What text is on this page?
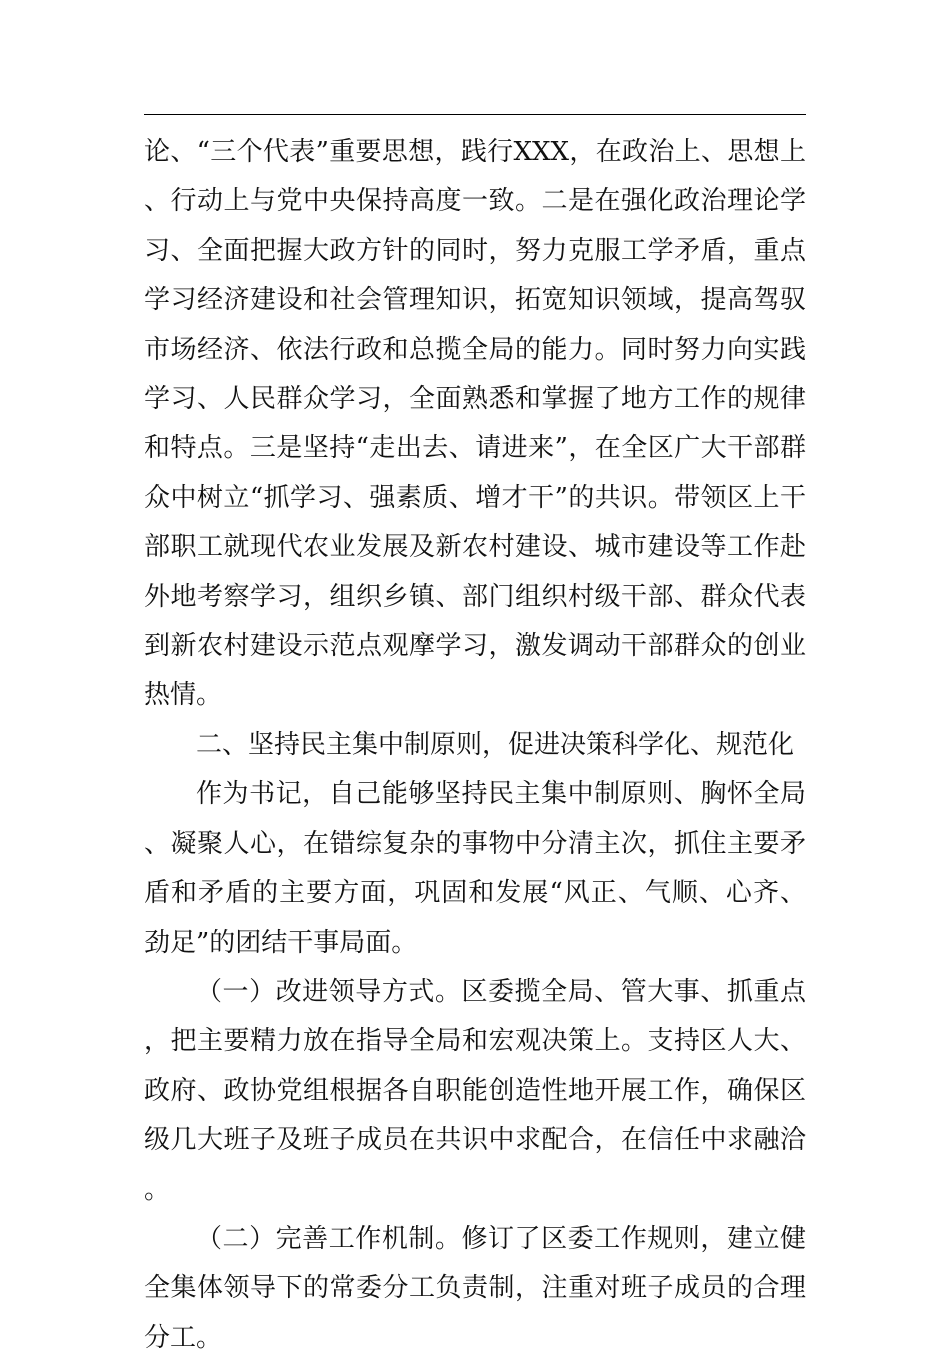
论、“三个代表”重要思想，践行XXX，在政治上、思想上、行动上与党中央保持高度一致。二是在强化政治理论学习、全面把握大政方针的同时，努力克服工学矛盾，重点学习经济建设和社会管理知识，拓宽知识领域，提高驾驭市场经济、依法行政和总揽全局的能力。同时努力向实践学习、人民群众学习，全面熟悉和掌握了地方工作的规律和特点。三是坚持“走出去、请进来”，在全区广大干部群众中树立“抓学习、强素质、增才干”的共识。带领区上干部职工就现代农业发展及新农村建设、城市建设等工作赴外地考察学习，组织乡镇、部门组织村级干部、群众代表到新农村建设示范点观摩学习，激发调动干部群众的创业热情。

二、坚持民主集中制原则，促进决策科学化、规范化

作为书记，自己能够坚持民主集中制原则、胸怀全局、凝聚人心，在错综复杂的事物中分清主次，抓住主要矛盾和矛盾的主要方面，巩固和发展“风正、气顺、心齐、劲足”的团结干事局面。

（一）改进领导方式。区委揽全局、管大事、抓重点，把主要精力放在指导全局和宏观决策上。支持区人大、政府、政协党组根据各自职能创造性地开展工作，确保区级几大班子及班子成员在共识中求配合，在信任中求融洽。

（二）完善工作机制。修订了区委工作规则，建立健全集体领导下的常委分工负责制，注重对班子成员的合理分工。
